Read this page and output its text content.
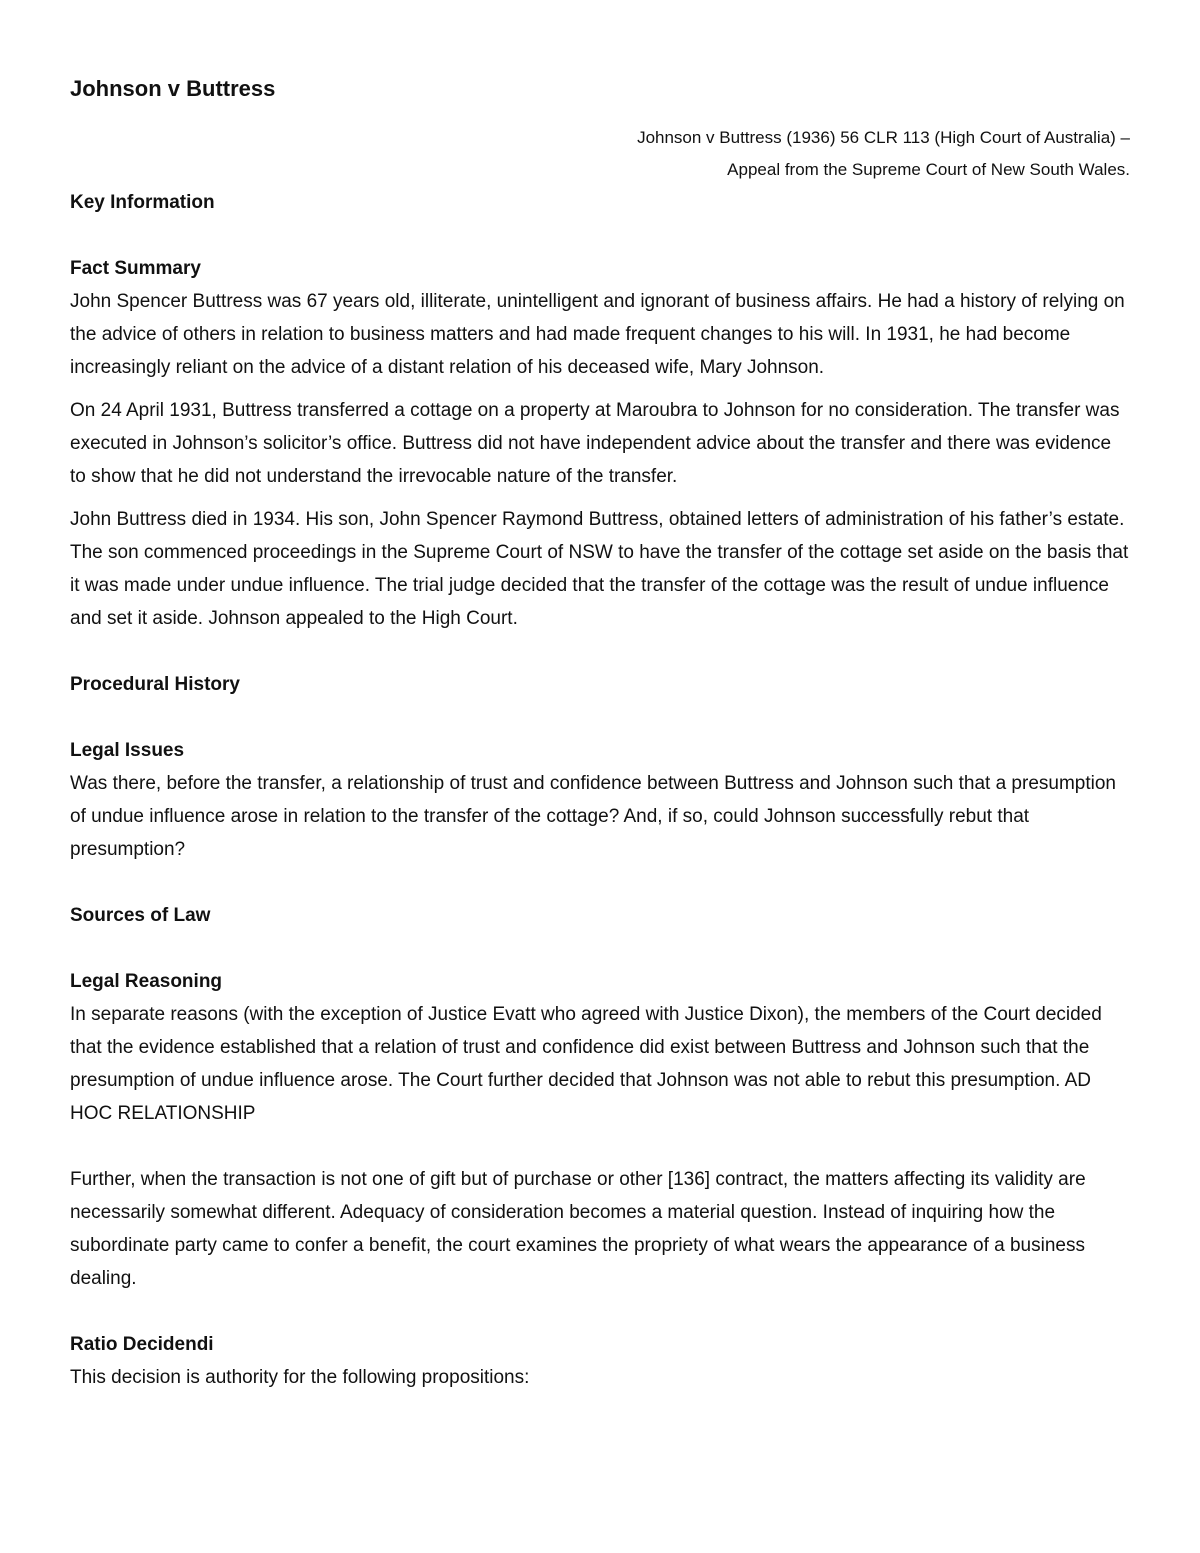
Johnson v Buttress
Johnson v Buttress (1936) 56 CLR 113 (High Court of Australia) –
Appeal from the Supreme Court of New South Wales.

Key Information

Fact Summary

John Spencer Buttress was 67 years old, illiterate, unintelligent and ignorant of business affairs. He had a history of relying on the advice of others in relation to business matters and had made frequent changes to his will. In 1931, he had become increasingly reliant on the advice of a distant relation of his deceased wife, Mary Johnson.

On 24 April 1931, Buttress transferred a cottage on a property at Maroubra to Johnson for no consideration. The transfer was executed in Johnson’s solicitor’s office. Buttress did not have independent advice about the transfer and there was evidence to show that he did not understand the irrevocable nature of the transfer.

John Buttress died in 1934. His son, John Spencer Raymond Buttress, obtained letters of administration of his father’s estate. The son commenced proceedings in the Supreme Court of NSW to have the transfer of the cottage set aside on the basis that it was made under undue influence. The trial judge decided that the transfer of the cottage was the result of undue influence and set it aside. Johnson appealed to the High Court.

Procedural History

Legal Issues

Was there, before the transfer, a relationship of trust and confidence between Buttress and Johnson such that a presumption of undue influence arose in relation to the transfer of the cottage? And, if so, could Johnson successfully rebut that presumption?

Sources of Law

Legal Reasoning

In separate reasons (with the exception of Justice Evatt who agreed with Justice Dixon), the members of the Court decided that the evidence established that a relation of trust and confidence did exist between Buttress and Johnson such that the presumption of undue influence arose. The Court further decided that Johnson was not able to rebut this presumption. AD HOC RELATIONSHIP

Further, when the transaction is not one of gift but of purchase or other [136] contract, the matters affecting its validity are necessarily somewhat different. Adequacy of consideration becomes a material question. Instead of inquiring how the subordinate party came to confer a benefit, the court examines the propriety of what wears the appearance of a business dealing.

Ratio Decidendi

This decision is authority for the following propositions:
